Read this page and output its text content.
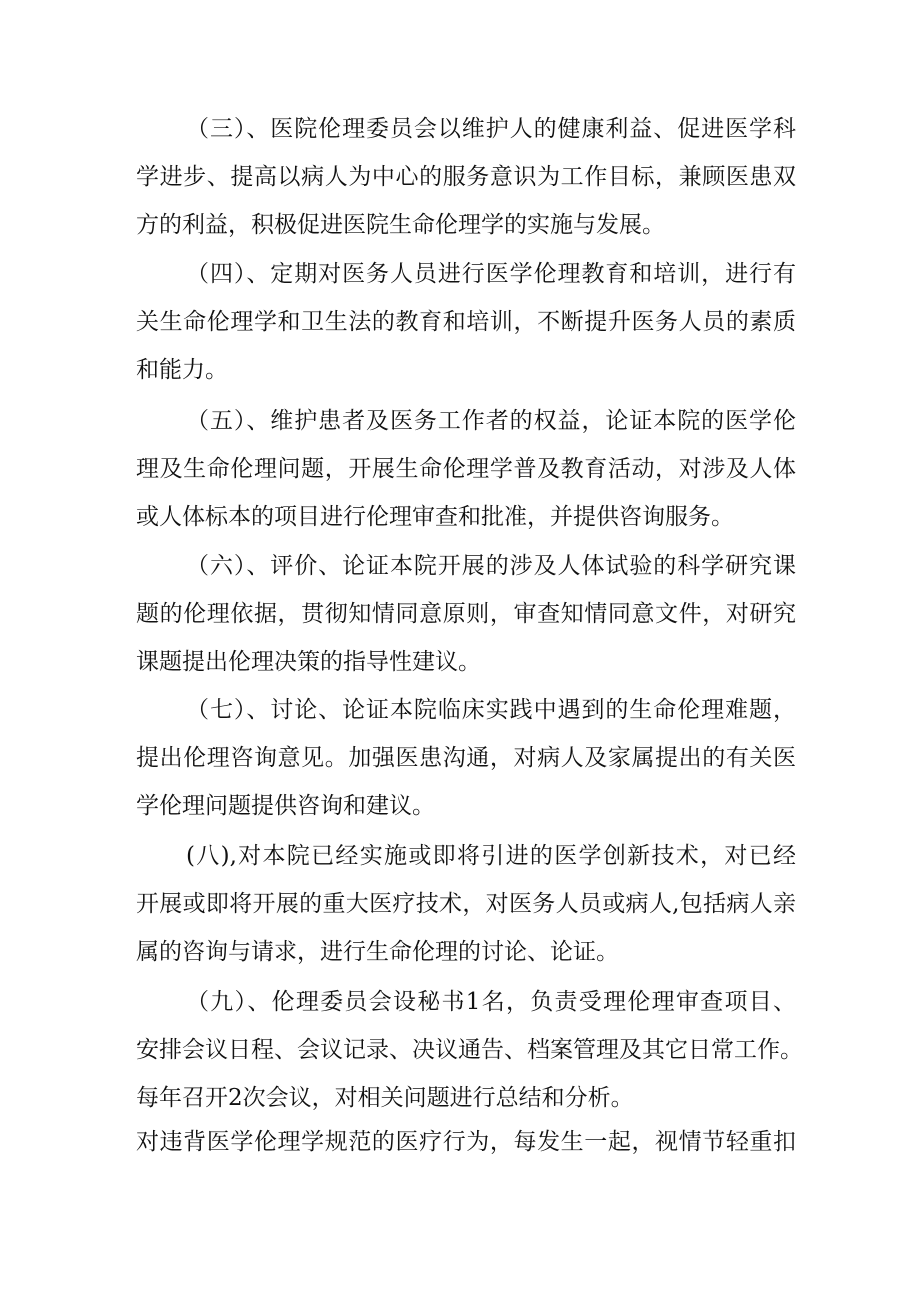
（三）、医院伦理委员会以维护人的健康利益、促进医学科
学进步、提高以病人为中心的服务意识为工作目标，兼顾医患双
方的利益，积极促进医院生命伦理学的实施与发展。
（四）、定期对医务人员进行医学伦理教育和培训，进行有
关生命伦理学和卫生法的教育和培训，不断提升医务人员的素质
和能力。
（五）、维护患者及医务工作者的权益，论证本院的医学伦
理及生命伦理问题，开展生命伦理学普及教育活动，对涉及人体
或人体标本的项目进行伦理审查和批准，并提供咨询服务。
（六）、评价、论证本院开展的涉及人体试验的科学研究课
题的伦理依据，贯彻知情同意原则，审查知情同意文件，对研究
课题提出伦理决策的指导性建议。
（七）、讨论、论证本院临床实践中遇到的生命伦理难题，
提出伦理咨询意见。加强医患沟通，对病人及家属提出的有关医
学伦理问题提供咨询和建议。
(八),对本院已经实施或即将引进的医学创新技术，对已经
开展或即将开展的重大医疗技术，对医务人员或病人,包括病人亲
属的咨询与请求，进行生命伦理的讨论、论证。
（九）、伦理委员会设秘书1名，负责受理伦理审查项目、
安排会议日程、会议记录、决议通告、档案管理及其它日常工作。
每年召开2次会议，对相关问题进行总结和分析。
对违背医学伦理学规范的医疗行为，每发生一起，视情节轻重扣
